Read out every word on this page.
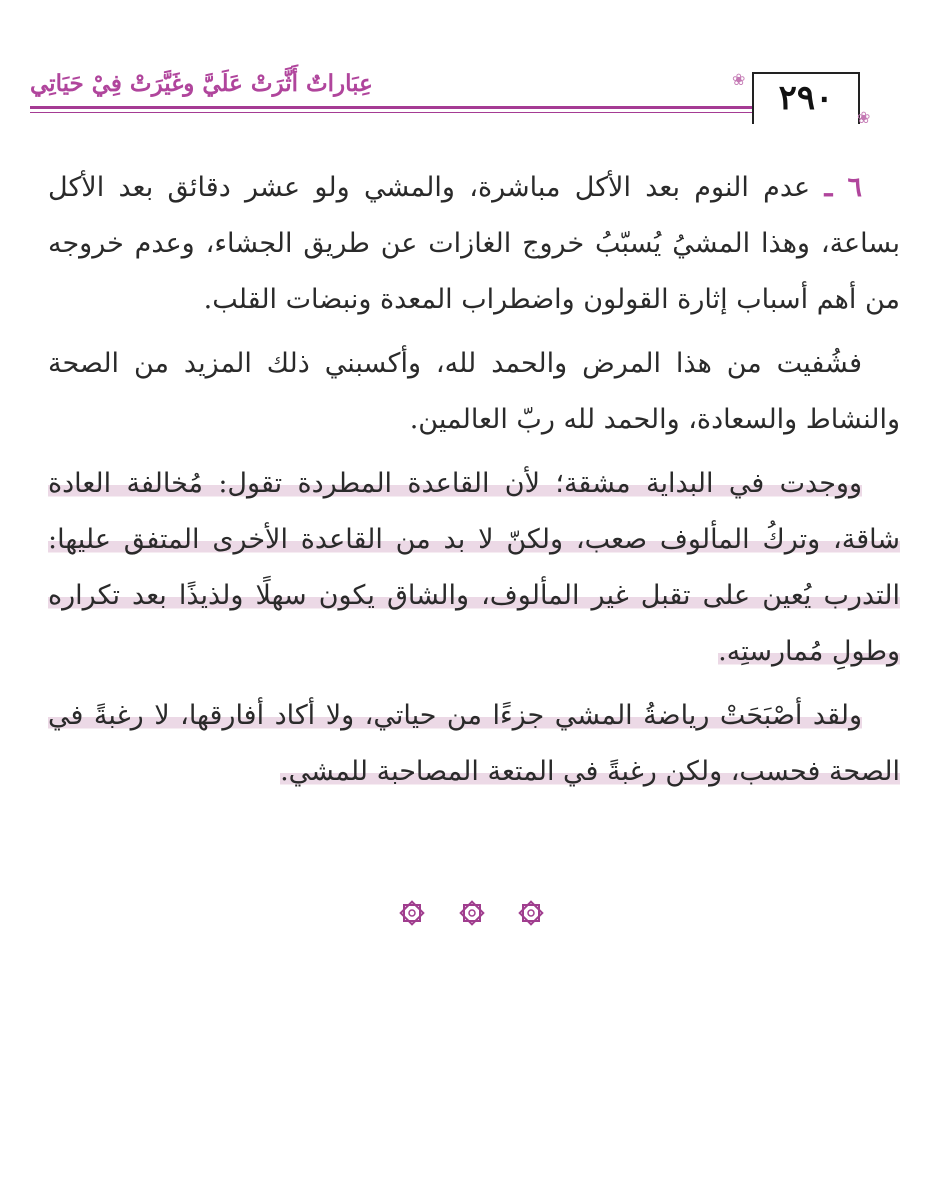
عِبَاراتٌ أَثَّرَتْ عَلَيَّ وغَيَّرَتْ فِيْ حَيَاتِي	٢٩٠
❀
❀

٦ ـ عدم النوم بعد الأكل مباشرة، والمشي ولو عشر دقائق بعد الأكل بساعة، وهذا المشيُ يُسبّبُ خروج الغازات عن طريق الجشاء، وعدم خروجه من أهم أسباب إثارة القولون واضطراب المعدة ونبضات القلب.

فشُفيت من هذا المرض والحمد لله، وأكسبني ذلك المزيد من الصحة والنشاط والسعادة، والحمد لله ربّ العالمين.

ووجدت في البداية مشقة؛ لأن القاعدة المطردة تقول: مُخالفة العادة شاقة، وتركُ المألوف صعب، ولكنّ لا بد من القاعدة الأخرى المتفق عليها: التدرب يُعين على تقبل غير المألوف، والشاق يكون سهلًا ولذيذًا بعد تكراره وطولِ مُمارستِه.

ولقد أصْبَحَتْ رياضةُ المشي جزءًا من حياتي، ولا أكاد أفارقها، لا رغبةً في الصحة فحسب، ولكن رغبةً في المتعة المصاحبة للمشي.
